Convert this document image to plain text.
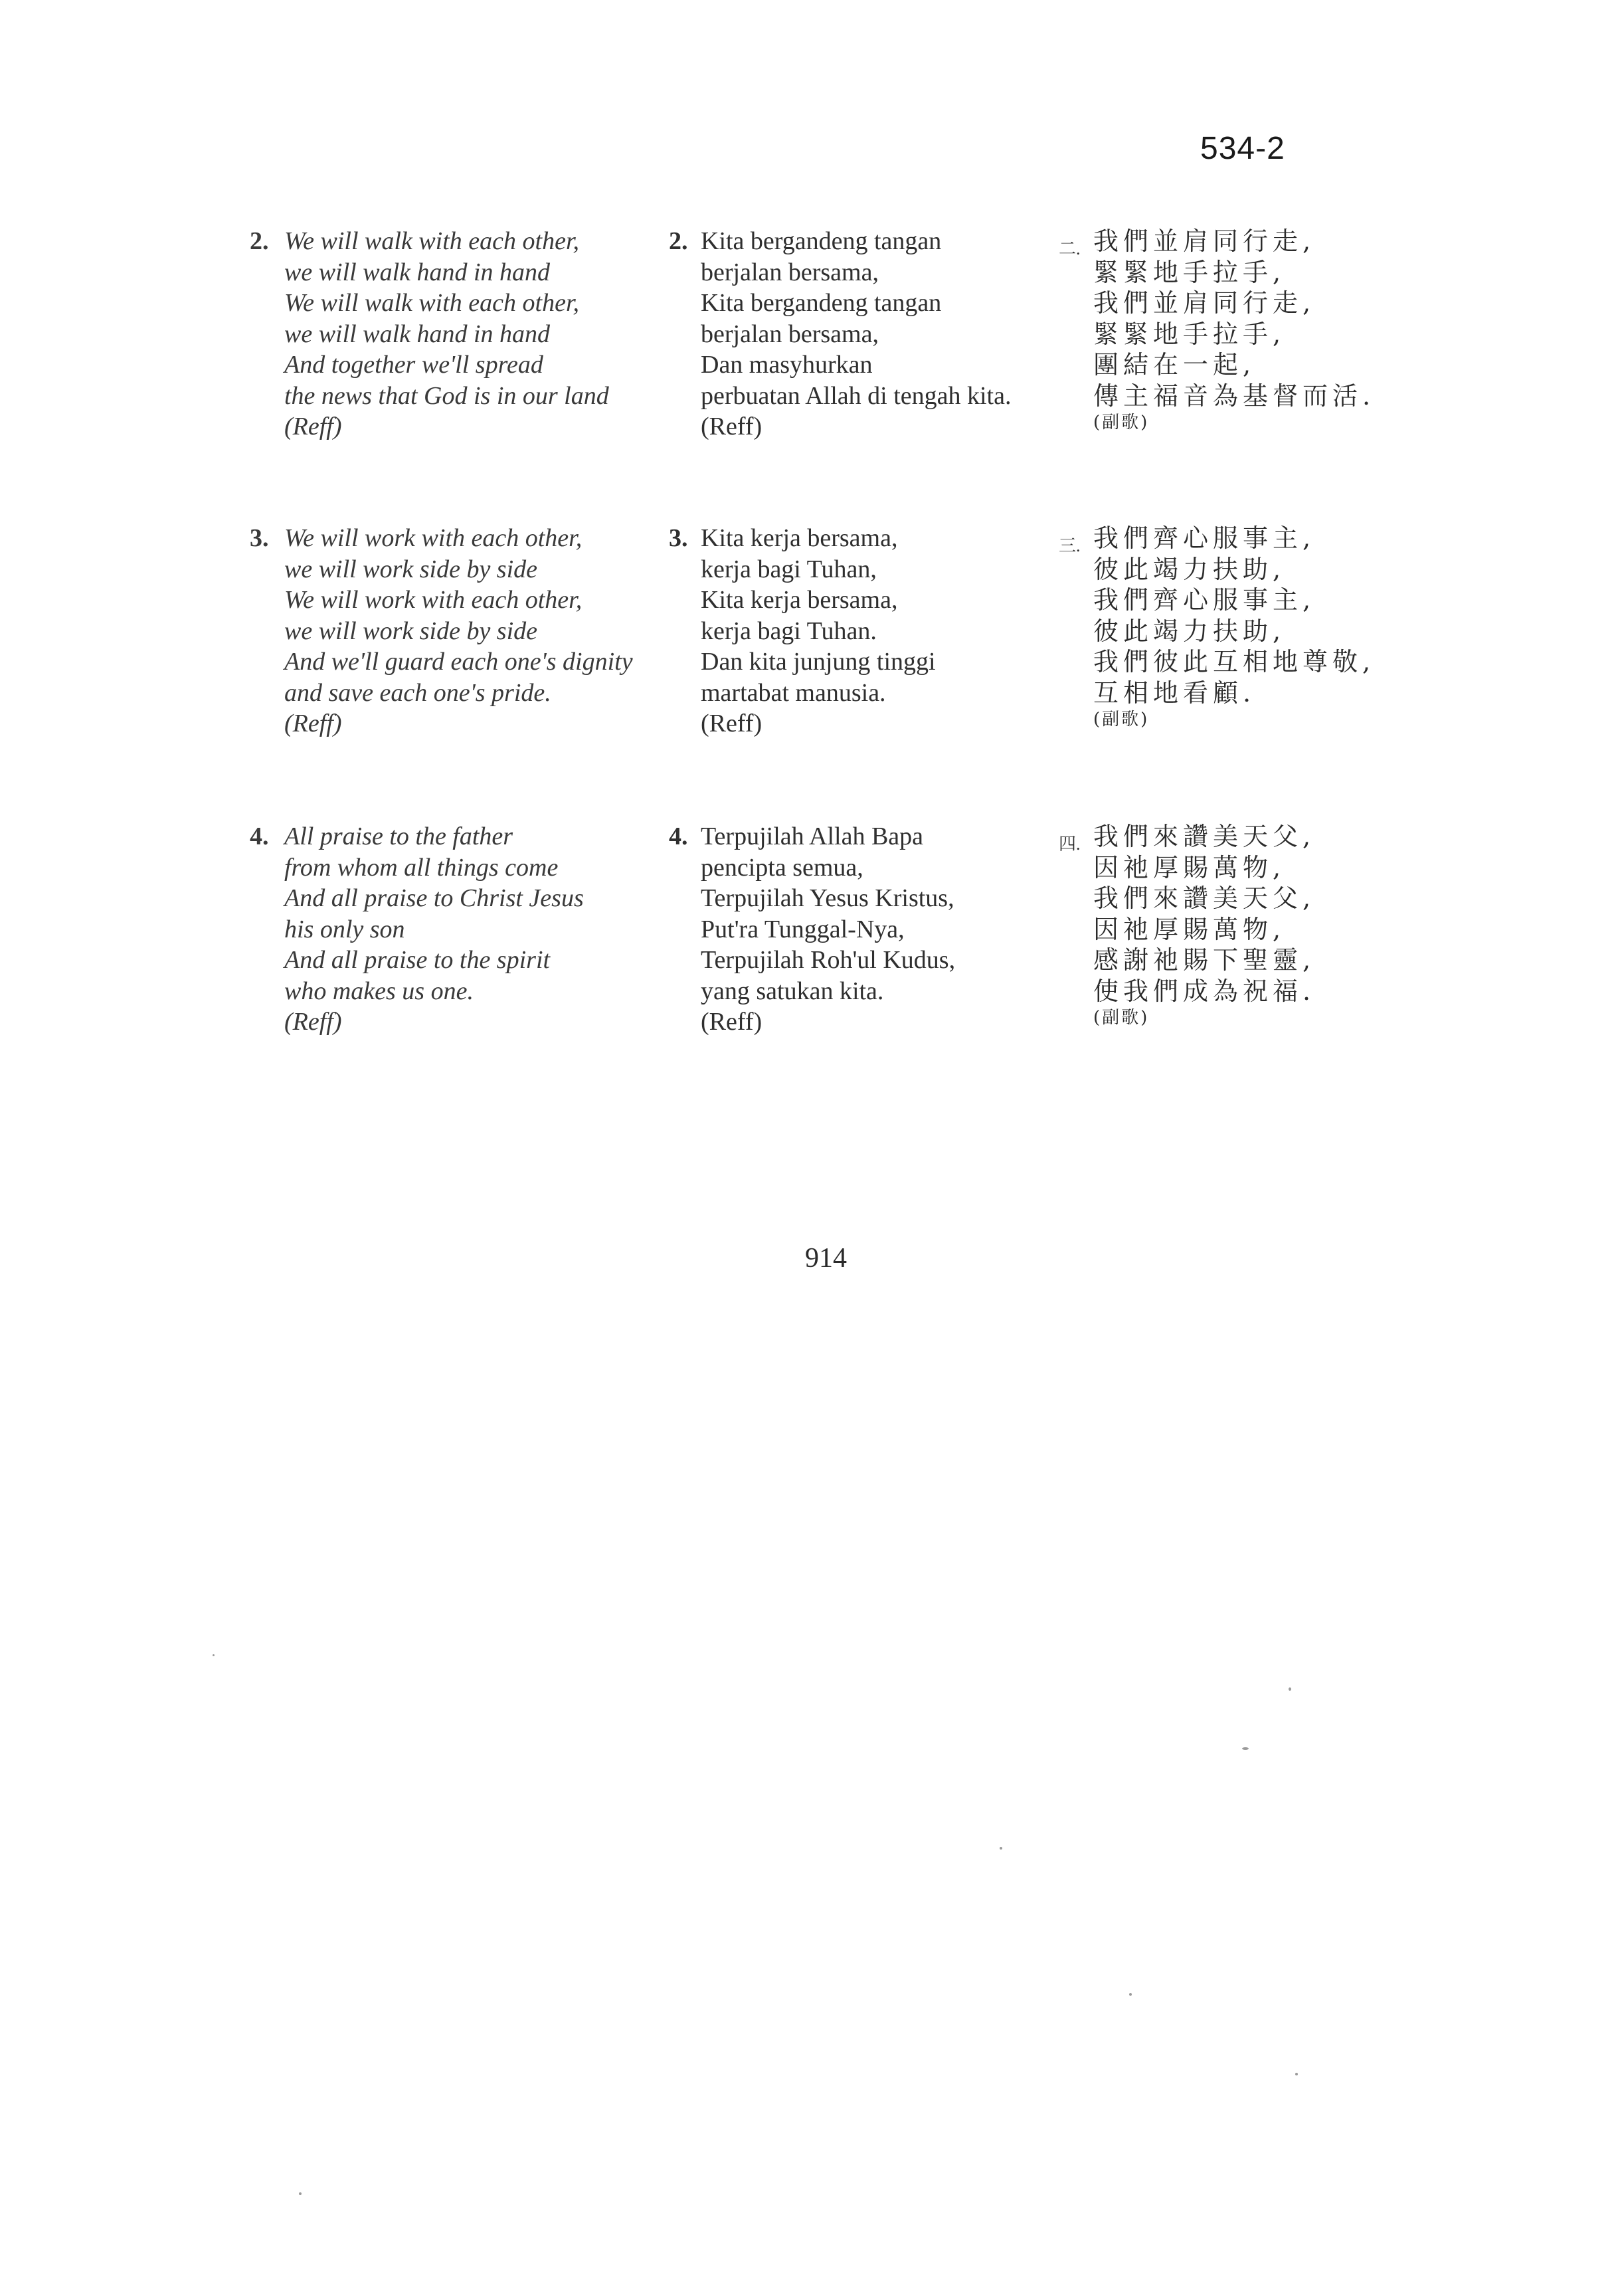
534-2
2. We will walk with each other,
we will walk hand in hand
We will walk with each other,
we will walk hand in hand
And together we'll spread
the news that God is in our land
(Reff)
2. Kita bergandeng tangan
berjalan bersama,
Kita bergandeng tangan
berjalan bersama,
Dan masyhurkan
perbuatan Allah di tengah kita.
(Reff)
二. 我們並肩同行走,
緊緊地手拉手,
我們並肩同行走,
緊緊地手拉手,
團結在一起,
傳主福音為基督而活.
(副歌)
3. We will work with each other,
we will work side by side
We will work with each other,
we will work side by side
And we'll guard each one's dignity
and save each one's pride.
(Reff)
3. Kita kerja bersama,
kerja bagi Tuhan,
Kita kerja bersama,
kerja bagi Tuhan.
Dan kita junjung tinggi
martabat manusia.
(Reff)
三. 我們齊心服事主,
彼此竭力扶助,
我們齊心服事主,
彼此竭力扶助,
我們彼此互相地尊敬,
互相地看顧.
(副歌)
4. All praise to the father
from whom all things come
And all praise to Christ Jesus
his only son
And all praise to the spirit
who makes us one.
(Reff)
4. Terpujilah Allah Bapa
pencipta semua,
Terpujilah Yesus Kristus,
Put'ra Tunggal-Nya,
Terpujilah Roh'ul Kudus,
yang satukan kita.
(Reff)
四. 我們來讚美天父,
因祂厚賜萬物,
我們來讚美天父,
因祂厚賜萬物,
感謝祂賜下聖靈,
使我們成為祝福.
(副歌)
914
